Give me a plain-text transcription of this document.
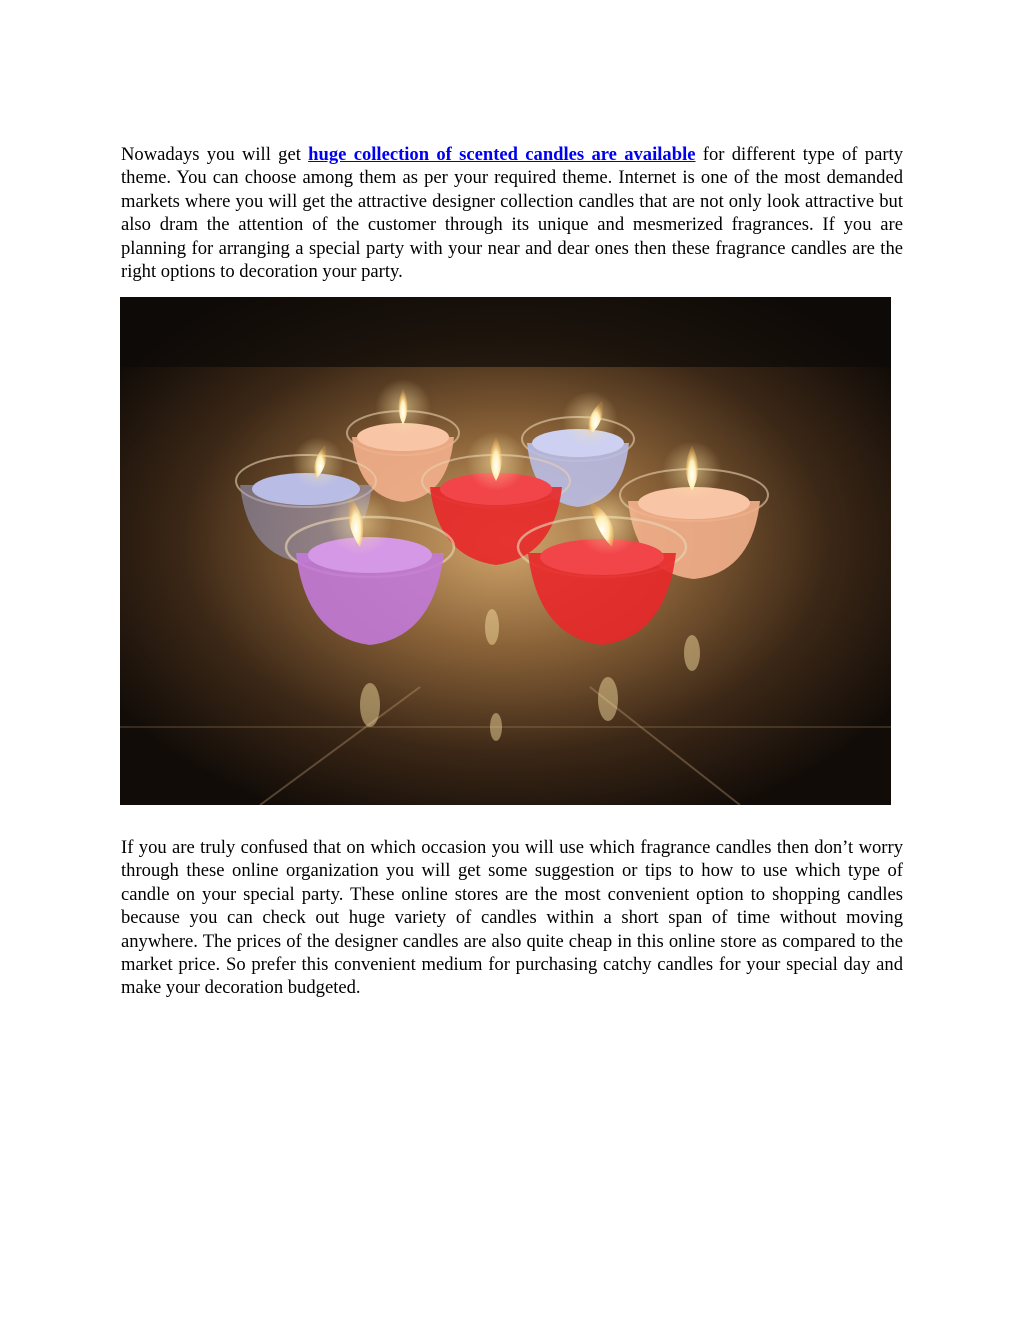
Nowadays you will get huge collection of scented candles are available for different type of party theme. You can choose among them as per your required theme. Internet is one of the most demanded markets where you will get the attractive designer collection candles that are not only look attractive but also dram the attention of the customer through its unique and mesmerized fragrances. If you are planning for arranging a special party with your near and dear ones then these fragrance candles are the right options to decoration your party.

If you are truly confused that on which occasion you will use which fragrance candles then don’t worry through these online organization you will get some suggestion or tips to how to use which type of candle on your special party. These online stores are the most convenient option to shopping candles because you can check out huge variety of candles within a short span of time without moving anywhere. The prices of the designer candles are also quite cheap in this online store as compared to the market price. So prefer this convenient medium for purchasing catchy candles for your special day and make your decoration budgeted.
